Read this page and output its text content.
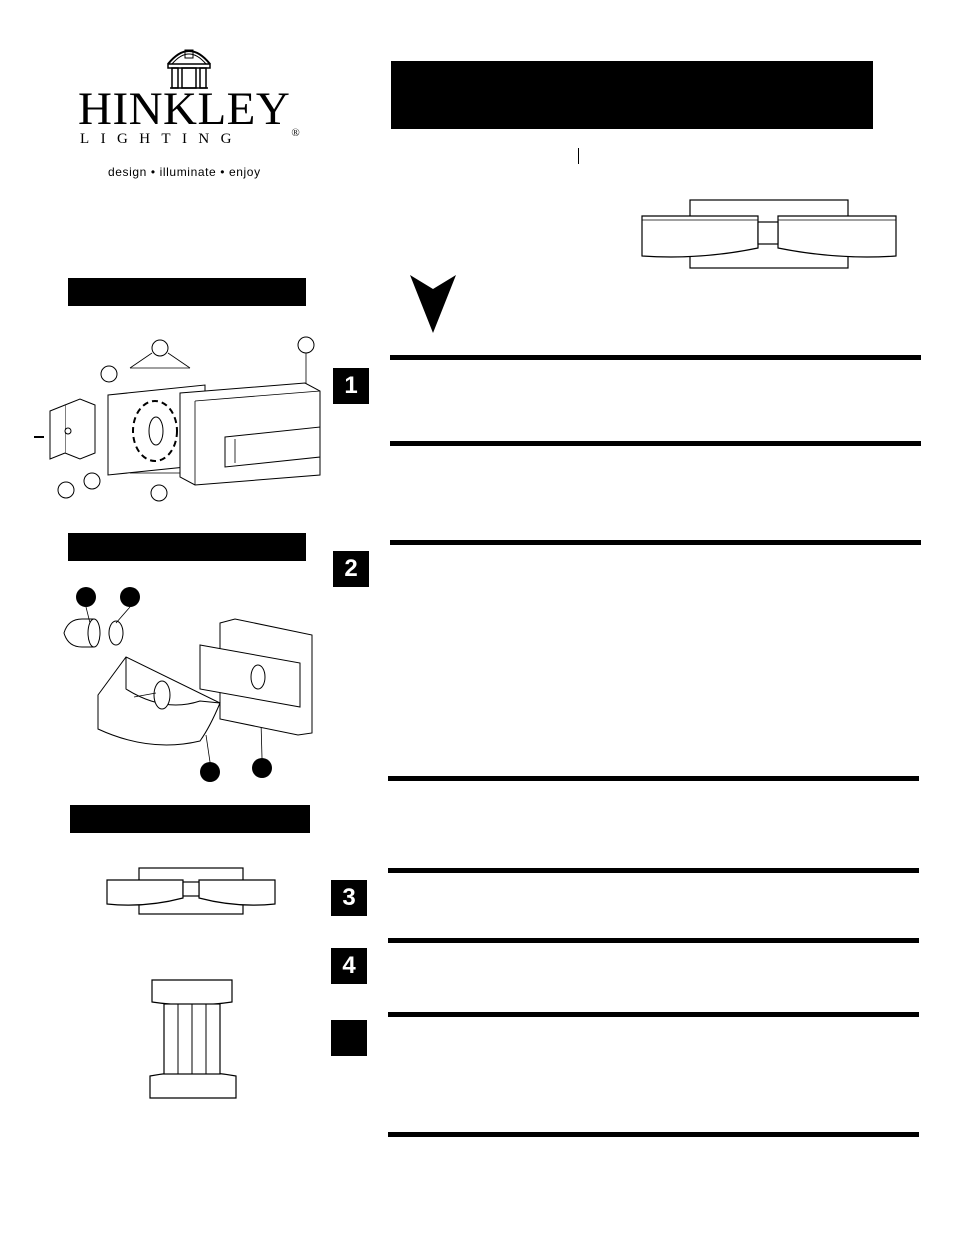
HINKLEY®
LIGHTING
design • illuminate • enjoy
1
2
3
4
